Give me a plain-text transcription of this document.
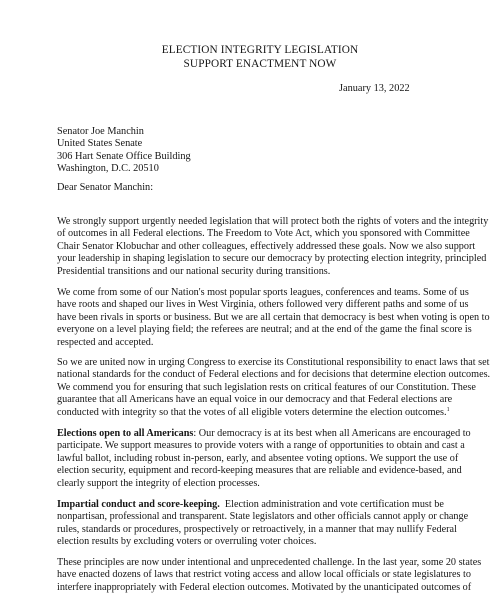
ELECTION INTEGRITY LEGISLATION
SUPPORT ENACTMENT NOW
January 13, 2022
Senator Joe Manchin
United States Senate
306 Hart Senate Office Building
Washington, D.C. 20510
Dear Senator Manchin:
We strongly support urgently needed legislation that will protect both the rights of voters and the integrity
of outcomes in all Federal elections. The Freedom to Vote Act, which you sponsored with Committee
Chair Senator Klobuchar and other colleagues, effectively addressed these goals. Now we also support
your leadership in shaping legislation to secure our democracy by protecting election integrity, principled
Presidential transitions and our national security during transitions.
We come from some of our Nation's most popular sports leagues, conferences and teams. Some of us
have roots and shaped our lives in West Virginia, others followed very different paths and some of us
have been rivals in sports or business. But we are all certain that democracy is best when voting is open to
everyone on a level playing field; the referees are neutral; and at the end of the game the final score is
respected and accepted.
So we are united now in urging Congress to exercise its Constitutional responsibility to enact laws that set
national standards for the conduct of Federal elections and for decisions that determine election outcomes.
We commend you for ensuring that such legislation rests on critical features of our Constitution. These
guarantee that all Americans have an equal voice in our democracy and that Federal elections are
conducted with integrity so that the votes of all eligible voters determine the election outcomes.$^1$
Elections open to all Americans: Our democracy is at its best when all Americans are encouraged to
participate. We support measures to provide voters with a range of opportunities to obtain and cast a
lawful ballot, including robust in-person, early, and absentee voting options. We support the use of
election security, equipment and record-keeping measures that are reliable and evidence-based, and
clearly support the integrity of election processes.
Impartial conduct and score-keeping.  Election administration and vote certification must be
nonpartisan, professional and transparent. State legislators and other officials cannot apply or change
rules, standards or procedures, prospectively or retroactively, in a manner that may nullify Federal
election results by excluding voters or overruling voter choices.
These principles are now under intentional and unprecedented challenge. In the last year, some 20 states
have enacted dozens of laws that restrict voting access and allow local officials or state legislatures to
interfere inappropriately with Federal election outcomes. Motivated by the unanticipated outcomes of
